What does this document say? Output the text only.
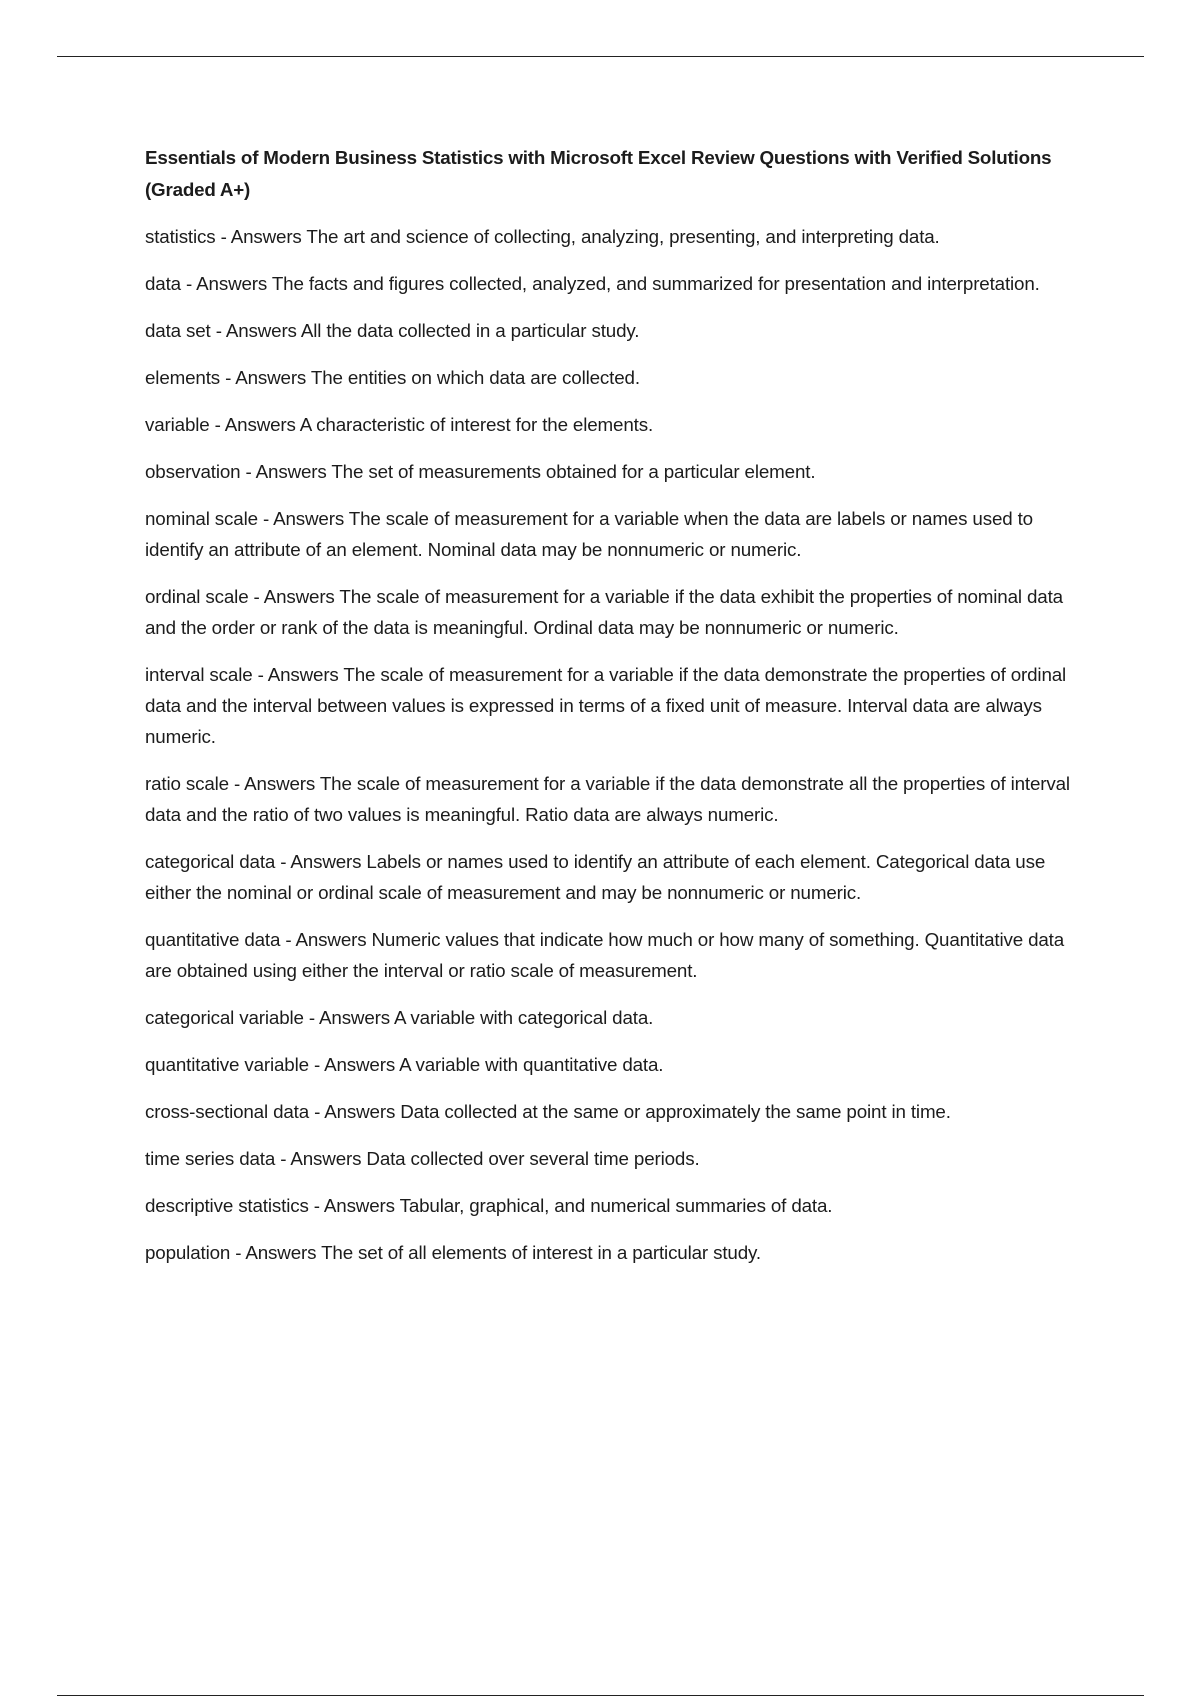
Essentials of Modern Business Statistics with Microsoft Excel Review Questions with Verified Solutions (Graded A+)

statistics - Answers The art and science of collecting, analyzing, presenting, and interpreting data.

data - Answers The facts and figures collected, analyzed, and summarized for presentation and interpretation.

data set - Answers All the data collected in a particular study.

elements - Answers The entities on which data are collected.

variable - Answers A characteristic of interest for the elements.

observation - Answers The set of measurements obtained for a particular element.

nominal scale - Answers The scale of measurement for a variable when the data are labels or names used to identify an attribute of an element. Nominal data may be nonnumeric or numeric.

ordinal scale - Answers The scale of measurement for a variable if the data exhibit the properties of nominal data and the order or rank of the data is meaningful. Ordinal data may be nonnumeric or numeric.

interval scale - Answers The scale of measurement for a variable if the data demonstrate the properties of ordinal data and the interval between values is expressed in terms of a fixed unit of measure. Interval data are always numeric.

ratio scale - Answers The scale of measurement for a variable if the data demonstrate all the properties of interval data and the ratio of two values is meaningful. Ratio data are always numeric.

categorical data - Answers Labels or names used to identify an attribute of each element. Categorical data use either the nominal or ordinal scale of measurement and may be nonnumeric or numeric.

quantitative data - Answers Numeric values that indicate how much or how many of something. Quantitative data are obtained using either the interval or ratio scale of measurement.

categorical variable - Answers A variable with categorical data.

quantitative variable - Answers A variable with quantitative data.

cross-sectional data - Answers Data collected at the same or approximately the same point in time.

time series data - Answers Data collected over several time periods.

descriptive statistics - Answers Tabular, graphical, and numerical summaries of data.

population - Answers The set of all elements of interest in a particular study.
